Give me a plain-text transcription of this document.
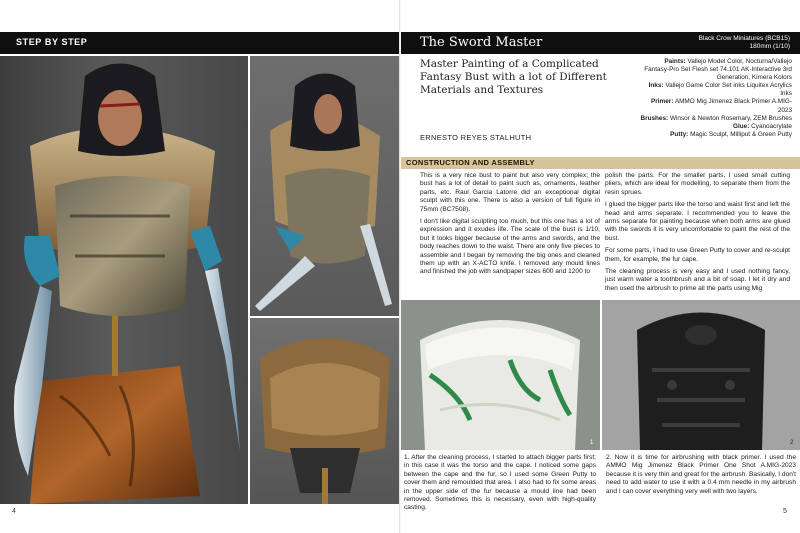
STEP BY STEP
4
The Sword Master	Black Crow Miniatures (BCB15)
180mm (1/10)
Master Painting of a Complicated Fantasy Bust with a lot of Different Materials and Textures
ERNESTO REYES STALHUTH
Paints: Vallejo Model Color, Nocturna/Vallejo Fantasy-Pro Set Flesh set 74.101 AK-Interactive 3rd Generation, Kimera Kolors
Inks: Vallejo Game Color Set inks Liquitex Acrylics Inks
Primer: AMMO Mig Jimenez Black Primer A.MIG-2023
Brushes: Winsor & Newton Rosemary, ZEM Brushes
Glue: Cyanoacrylate
Putty: Magic Sculpt, Milliput & Green Putty
CONSTRUCTION AND ASSEMBLY

This is a very nice bust to paint but also very complex; the bust has a lot of detail to paint such as, ornaments, leather parts, etc. Raul Garcia Latorre did an exceptional digital sculpt with this one. There is also a version of full figure in 75mm (BC7508).

I don't like digital sculpting too much, but this one has a lot of expression and it exudes life. The scale of the bust is 1/10, but it looks bigger because of the arms and swords, and the body reaches down to the waist. There are only five pieces to assemble and I began by removing the big ones and cleaned them up with an X-ACTO knife. I removed any mould lines and finished the job with sandpaper sizes 600 and 1200 to

polish the parts. For the smaller parts, I used small cutting pliers, which are ideal for modelling, to separate them from the resin sprues.

I glued the bigger parts like the torso and waist first and left the head and arms separate. I recommended you to leave the arms separate for painting because when both arms are glued with the swords it is very uncomfortable to paint the rest of the bust.

For some parts, I had to use Green Putty to cover and re-sculpt them, for example, the fur cape.

The cleaning process is very easy and I used nothing fancy, just warm water a toothbrush and a bit of soap. I let it dry and then used the airbrush to prime all the parts using Mig

1	2
1. After the cleaning process, I started to attach bigger parts first; in this case it was the torso and the cape. I noticed some gaps between the cape and the fur, so I used some Green Putty to cover them and remoulded that area. I also had to fix some areas in the upper side of the fur because a mould line had been removed. Sometimes this is necessary, even with high-quality casting.
2. Now it is time for airbrushing with black primer. I used the AMMO Mig Jimenez Black Primer One Shot A.MIG-2023 because it is very thin and great for the airbrush. Basically, I don't need to add water to use it with a 0.4 mm needle in my airbrush and I can cover everything very well with two layers.
5
